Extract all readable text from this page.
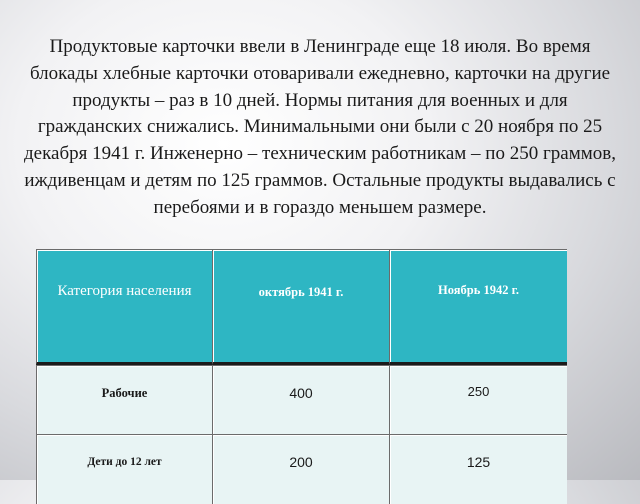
Продуктовые карточки ввели в Ленинграде еще 18 июля. Во время блокады хлебные карточки отоваривали ежедневно, карточки на другие продукты – раз в 10 дней. Нормы питания для военных и для гражданских снижались. Минимальными они были с 20 ноября по 25 декабря 1941 г. Инженерно – техническим работникам – по 250 граммов, иждивенцам и детям по 125 граммов. Остальные продукты выдавались с перебоями и в гораздо меньшем размере.

Категория населения	октябрь 1941 г.	Ноябрь 1942 г.
Рабочие	400	250
Дети до 12 лет	200	125
